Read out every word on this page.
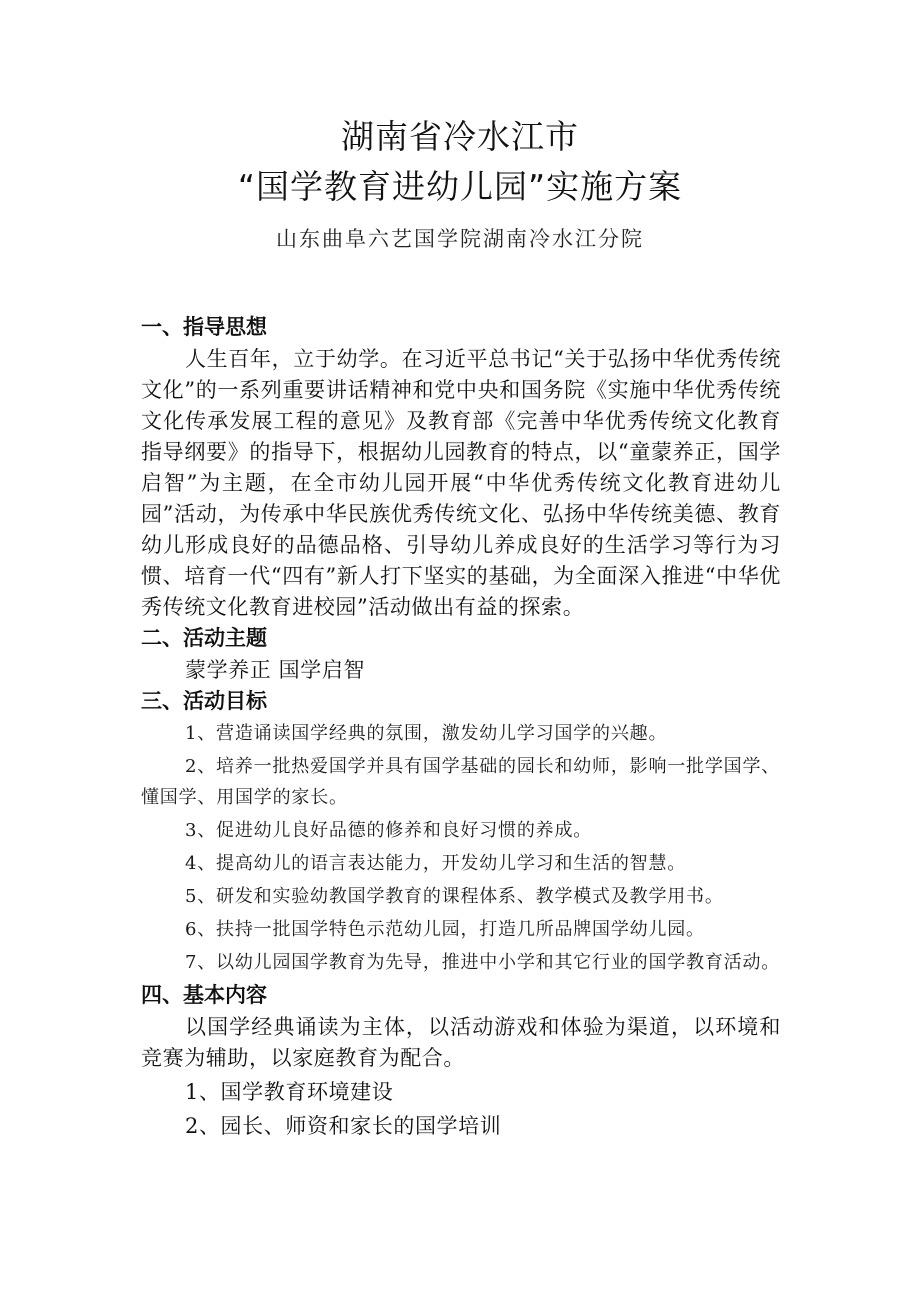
湖南省冷水江市
“国学教育进幼儿园”实施方案
山东曲阜六艺国学院湖南冷水江分院
一、指导思想
人生百年，立于幼学。在习近平总书记“关于弘扬中华优秀传统文化”的一系列重要讲话精神和党中央和国务院《实施中华优秀传统文化传承发展工程的意见》及教育部《完善中华优秀传统文化教育指导纲要》的指导下，根据幼儿园教育的特点，以“童蒙养正，国学启智”为主题，在全市幼儿园开展“中华优秀传统文化教育进幼儿园”活动，为传承中华民族优秀传统文化、弘扬中华传统美德、教育幼儿形成良好的品德品格、引导幼儿养成良好的生活学习等行为习惯、培育一代“四有”新人打下坚实的基础，为全面深入推进“中华优秀传统文化教育进校园”活动做出有益的探索。
二、活动主题
蒙学养正 国学启智
三、活动目标
1、营造诵读国学经典的氛围，激发幼儿学习国学的兴趣。
2、培养一批热爱国学并具有国学基础的园长和幼师，影响一批学国学、懂国学、用国学的家长。
3、促进幼儿良好品德的修养和良好习惯的养成。
4、提高幼儿的语言表达能力，开发幼儿学习和生活的智慧。
5、研发和实验幼教国学教育的课程体系、教学模式及教学用书。
6、扶持一批国学特色示范幼儿园，打造几所品牌国学幼儿园。
7、以幼儿园国学教育为先导，推进中小学和其它行业的国学教育活动。
四、基本内容
以国学经典诵读为主体，以活动游戏和体验为渠道，以环境和竞赛为辅助，以家庭教育为配合。
1、国学教育环境建设
2、园长、师资和家长的国学培训
